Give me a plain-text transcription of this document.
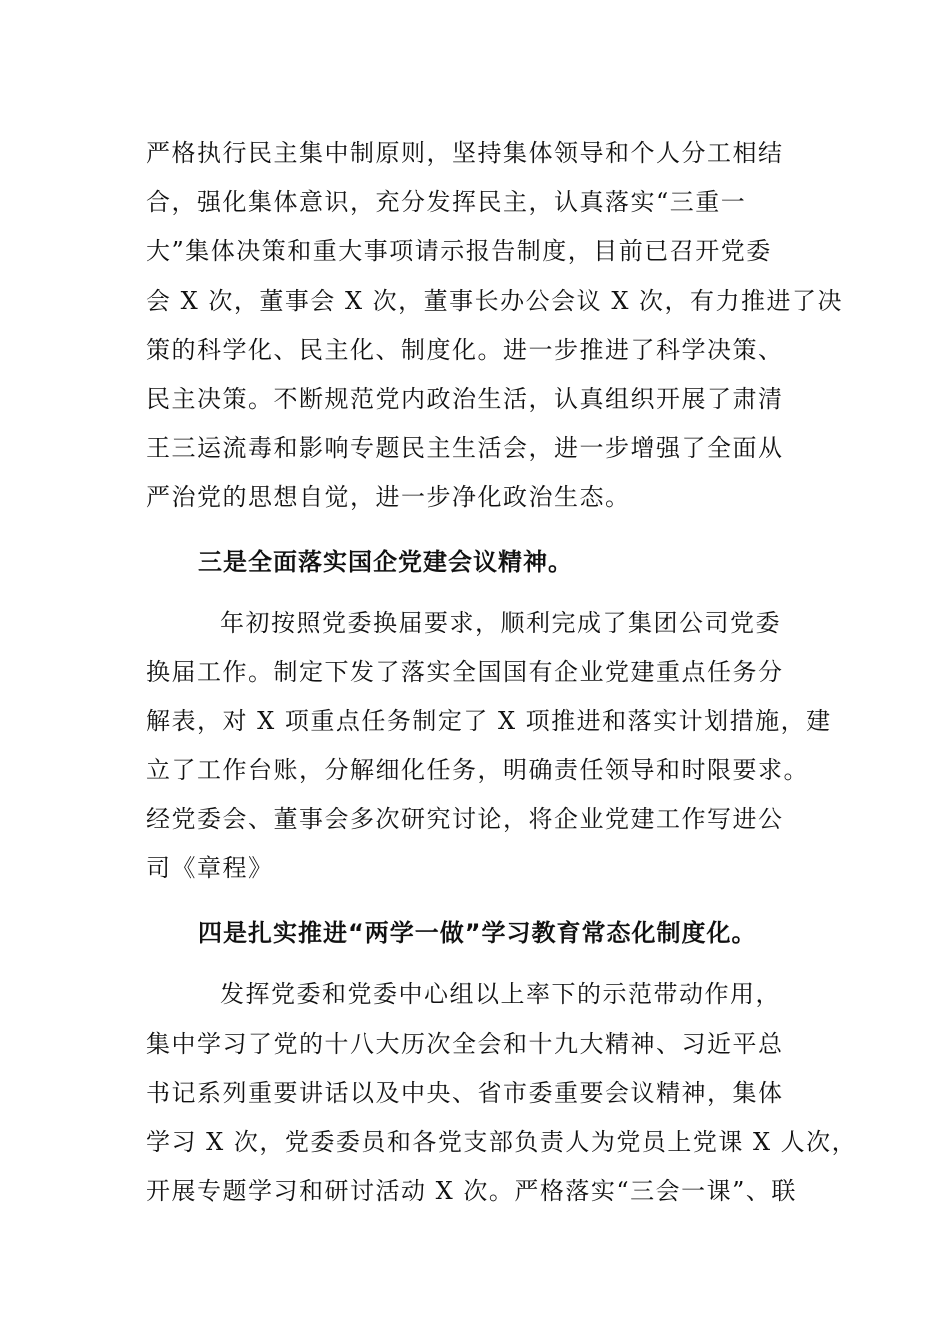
严格执行民主集中制原则，坚持集体领导和个人分工相结
合，强化集体意识，充分发挥民主，认真落实“三重一
大”集体决策和重大事项请示报告制度，目前已召开党委
会 X 次，董事会 X 次，董事长办公会议 X 次，有力推进了决
策的科学化、民主化、制度化。进一步推进了科学决策、
民主决策。不断规范党内政治生活，认真组织开展了肃清
王三运流毒和影响专题民主生活会，进一步增强了全面从
严治党的思想自觉，进一步净化政治生态。
三是全面落实国企党建会议精神。
年初按照党委换届要求，顺利完成了集团公司党委
换届工作。制定下发了落实全国国有企业党建重点任务分
解表，对 X 项重点任务制定了 X 项推进和落实计划措施，建
立了工作台账，分解细化任务，明确责任领导和时限要求。
经党委会、董事会多次研究讨论，将企业党建工作写进公
司《章程》
四是扎实推进“两学一做”学习教育常态化制度化。
发挥党委和党委中心组以上率下的示范带动作用，
集中学习了党的十八大历次全会和十九大精神、习近平总
书记系列重要讲话以及中央、省市委重要会议精神，集体
学习 X 次，党委委员和各党支部负责人为党员上党课 X 人次，
开展专题学习和研讨活动 X 次。严格落实“三会一课”、联
